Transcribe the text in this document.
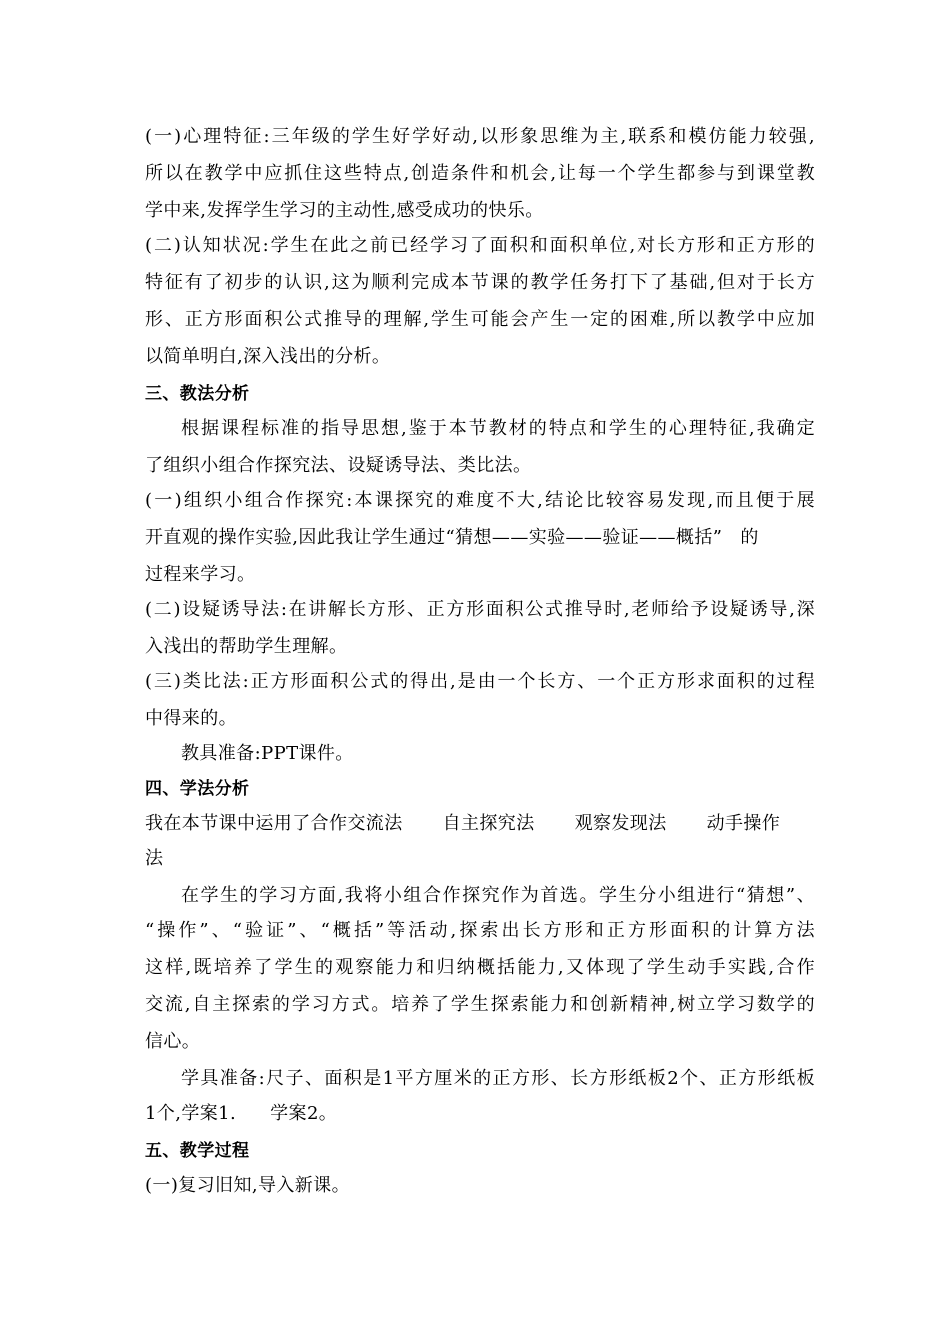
(一)心理特征:三年级的学生好学好动,以形象思维为主,联系和模仿能力较强,
所以在教学中应抓住这些特点,创造条件和机会,让每一个学生都参与到课堂教
学中来,发挥学生学习的主动性,感受成功的快乐。
(二)认知状况:学生在此之前已经学习了面积和面积单位,对长方形和正方形的
特征有了初步的认识,这为顺利完成本节课的教学任务打下了基础,但对于长方
形、正方形面积公式推导的理解,学生可能会产生一定的困难,所以教学中应加
以简单明白,深入浅出的分析。
三、教法分析
根据课程标准的指导思想,鉴于本节教材的特点和学生的心理特征,我确定
了组织小组合作探究法、设疑诱导法、类比法。
(一)组织小组合作探究:本课探究的难度不大,结论比较容易发现,而且便于展
开直观的操作实验,因此我让学生通过“猜想——实验——验证——概括” 的
过程来学习。
(二)设疑诱导法:在讲解长方形、正方形面积公式推导时,老师给予设疑诱导,深
入浅出的帮助学生理解。
(三)类比法:正方形面积公式的得出,是由一个长方、一个正方形求面积的过程
中得来的。
教具准备:PPT课件。
四、学法分析
我在本节课中运用了合作交流法 自主探究法 观察发现法 动手操作
法
在学生的学习方面,我将小组合作探究作为首选。学生分小组进行“猜想”、
“操作”、“验证”、“概括”等活动,探索出长方形和正方形面积的计算方法
这样,既培养了学生的观察能力和归纳概括能力,又体现了学生动手实践,合作
交流,自主探索的学习方式。培养了学生探索能力和创新精神,树立学习数学的
信心。
学具准备:尺子、面积是1平方厘米的正方形、长方形纸板2个、正方形纸板
1个,学案1. 学案2。
五、教学过程
(一)复习旧知,导入新课。
